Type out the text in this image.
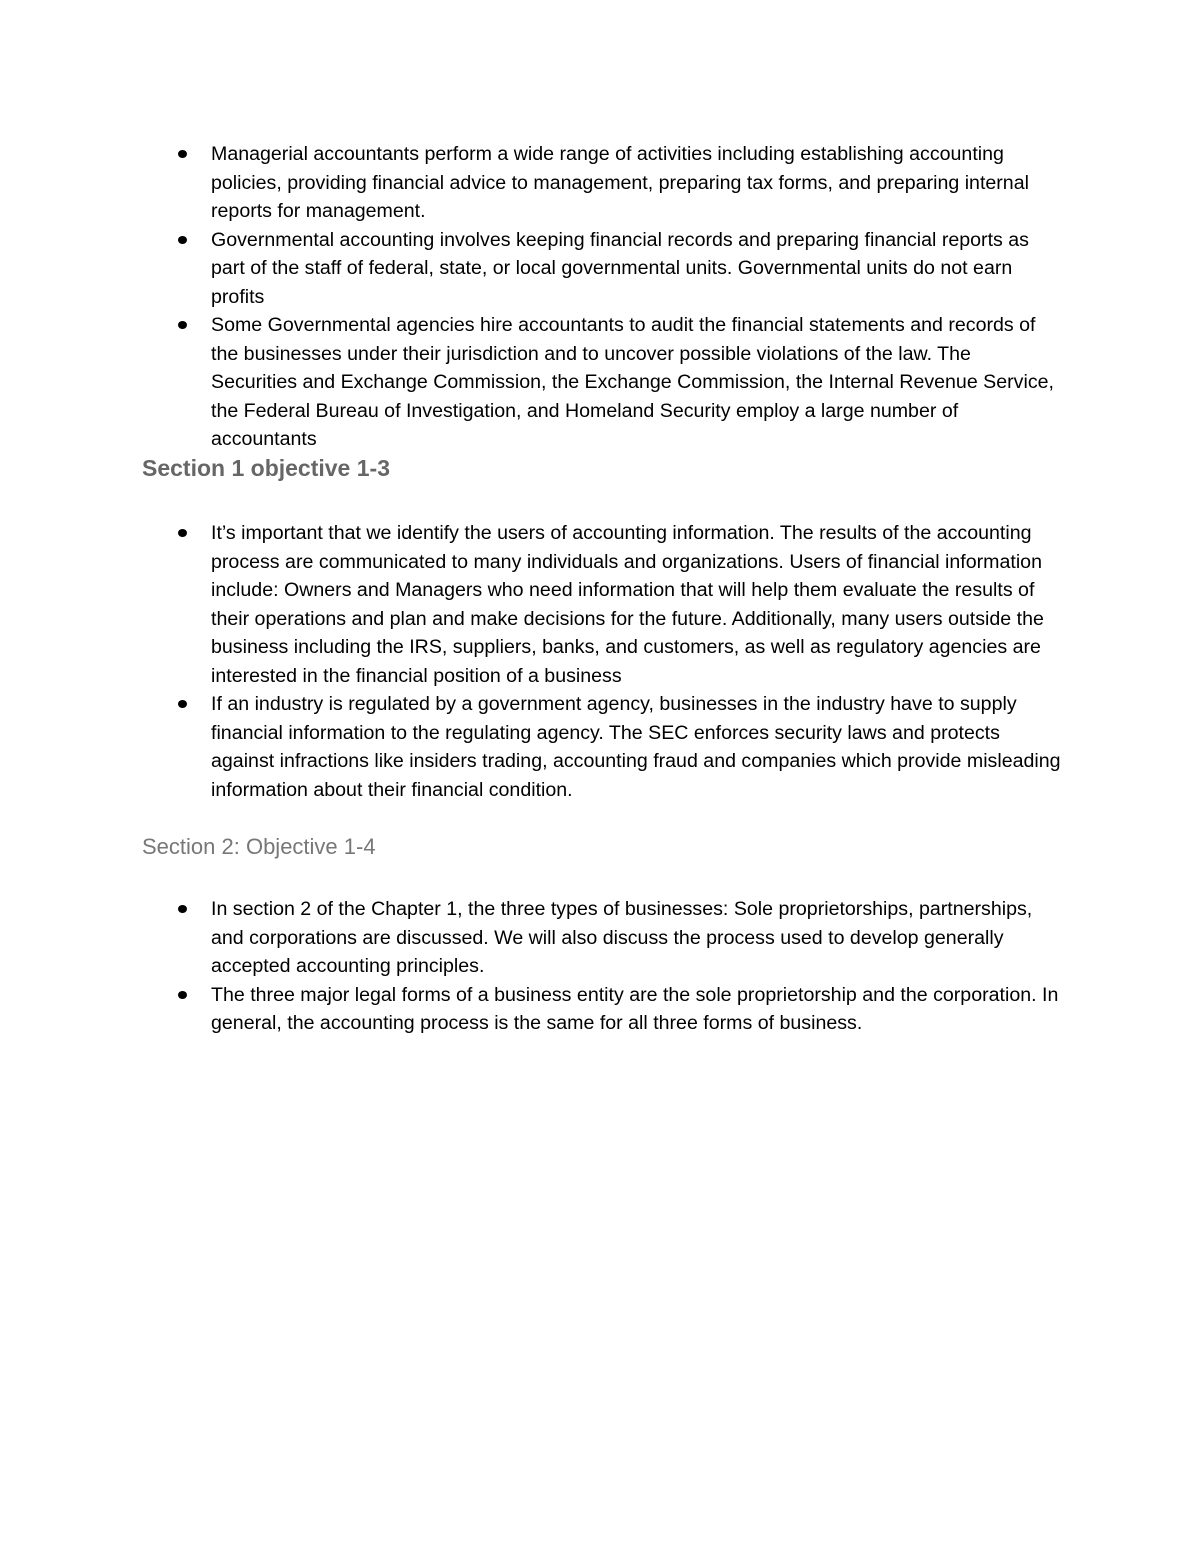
Managerial accountants perform a wide range of activities including establishing accounting policies, providing financial advice to management, preparing tax forms, and preparing internal reports for management.
Governmental accounting involves keeping financial records and preparing financial reports as part of the staff of federal, state, or local governmental units. Governmental units do not earn profits
Some Governmental agencies hire accountants to audit the financial statements and records of the businesses under their jurisdiction and to uncover possible violations of the law. The Securities and Exchange Commission, the Exchange Commission, the Internal Revenue Service, the Federal Bureau of Investigation, and Homeland Security employ a large number of accountants
Section 1 objective 1-3
It’s important that we identify the users of accounting information. The results of the accounting process are communicated to many individuals and organizations. Users of financial information include: Owners and Managers who need information that will help them evaluate the results of their operations and plan and make decisions for the future. Additionally, many users outside the business including the IRS, suppliers, banks, and customers, as well as regulatory agencies are interested in the financial position of a business
If an industry is regulated by a government agency, businesses in the industry have to supply financial information to the regulating agency. The SEC enforces security laws and protects against infractions like insiders trading, accounting fraud and companies which provide misleading information about their financial condition.
Section 2: Objective 1-4
In section 2 of the Chapter 1, the three types of businesses: Sole proprietorships, partnerships, and corporations are discussed. We will also discuss the process used to develop generally accepted accounting principles.
The three major legal forms of a business entity are the sole proprietorship and the corporation. In general, the accounting process is the same for all three forms of business.
